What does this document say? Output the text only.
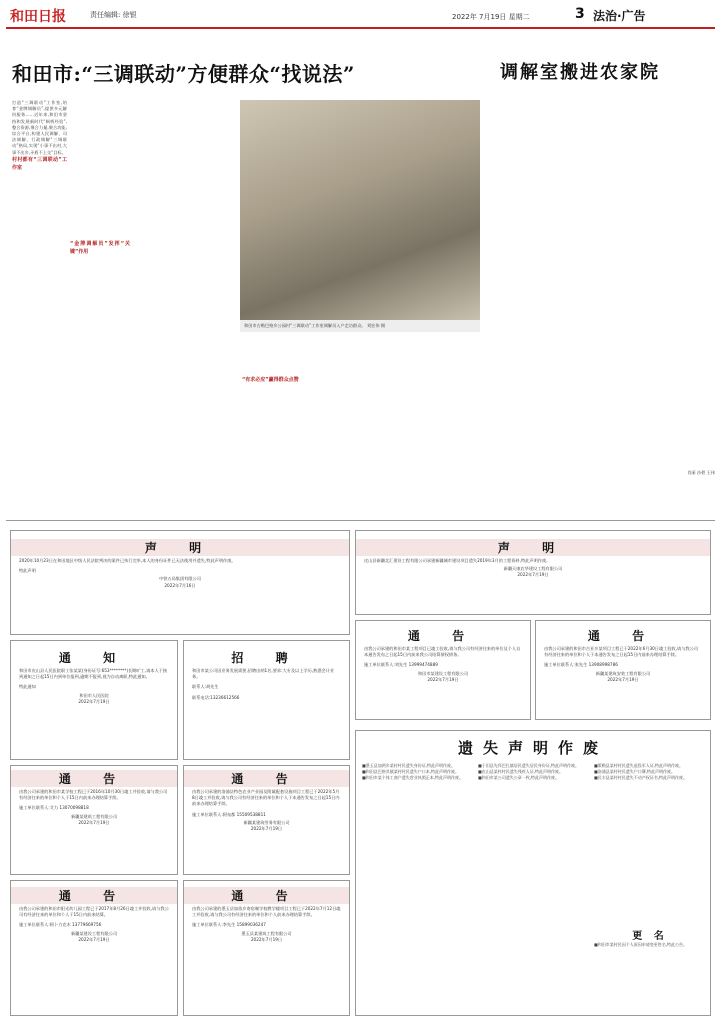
和田日报	责任编辑: 徐银	2022年 7月19日 星期二	3 法治·广告
和田市:“三调联动”方便群众“找说法”	调解室搬进农家院
打造“三调联动”工作室,培育“金牌调解员”,提供多元解纷服务……近年来,和田市坚持和发展新时代“枫桥经验”,整合资源,聚合力量,聚合功能,综合平台,构建人民调解、司法调解、行政调解“三调联动”格局,实现“小事不出村,大事不出乡,矛盾不上交”目标。
村村都有“三调联动”工作室
“金牌调解员”发挥“关键”作用
“有求必应”赢得群众点赞
肖丽 沙碧 王伟
和田市古勒巴格乡公园村“三调联动”工作室调解员入户走访群众。 刘宏伟 摄
声 明
2020年10月23日在和田地区中级人民法院判决的案件已执行完毕,本人的身份证件已无法使用并遗失,特此声明作废。
特此声明
中铁五局集团有限公司
2022年7月16日
声 明
皮山县新疆北汇建设工程有限公司承建新疆城市建设项目遗失2019年3月的工程资料,特此声明作废。
新疆天康农华建设工程有限公司
2022年7月19日
通 知
和田市皮山县人民医院职工张某某(身份证号:653********)长期旷工,请本人于接到通知之日起15日内到单位报到,逾期不报到,视为自动离职,特此通知。
特此通知
和田市人民医院
2022年7月19日
招 聘
和田市某公司因业务发展需要,招聘出纳1名,要求:大专及以上学历,熟悉会计业务。
联系人:胡先生
联系电话:13236612566
通 告
由我公司承建的和田市某工程项目已竣工验收,请与我公司有经济往来的单位及个人自本通告发布之日起15日内前来我公司结算债权债务。
施工单位联系人:刘先生 13999474889
和田市某建设工程有限公司
2022年7月19日
通 告
由我公司承建的和田市吉亚乡某项目工程已于2022年6月30日竣工验收,请与我公司有经济往来的单位和个人于本通告发布之日起15日内前来办理结算手续。
施工单位联系人:张先生 13908998786
新疆某建筑安装工程有限公司
2022年7月19日
通 告
由我公司承建的和田市某学校工程已于2016年10月30日竣工并验收,请与我公司有经济往来的单位和个人于15日内前来办理结算手续。
施工单位联系人:艾力 13070098818
新疆某建筑工程有限公司
2022年7月19日
通 告
由我公司承建的洛浦县特色农业产业园及附属配套设施项目工程已于2022年5月8日竣工并验收,请与我公司有经济往来的单位和个人于本通告发布之日起15日内前来办理结算手续。
施工单位联系人:阿布都 15509538811
新疆某建筑劳务有限公司
2022年7月19日
通 告
由我公司承建的和田市阳光幼儿园工程已于2017年8月26日竣工并验收,请与我公司有经济往来的单位和个人于15日内前来结算。
施工单位联系人:阿卜力克木 13779669756
新疆某建设工程有限公司
2022年7月19日
通 告
由我公司承建的墨玉县加依乡寄宿制学校教学楼项目工程已于2022年7月12日竣工并验收,请与我公司有经济往来的单位和个人前来办理结算手续。
施工单位联系人:李先生 15899036247
墨玉县某建筑工程有限公司
2022年7月19日
遗失声明作废
■墨玉县加两乡某村村民遗失身份证,特此声明作废。
■和田县巴格其镇某村村民遗失户口本,特此声明作废。
■和田市某个体工商户遗失营业执照正本,特此声明作废。
■于田县先拜巴扎镇居民遗失居民身份证,特此声明作废。
■皮山县某村村民遗失残疾人证,特此声明作废。
■和田市某公司遗失公章一枚,特此声明作废。
■策勒县某村村民遗失退役军人证,特此声明作废。
■洛浦县某村村民遗失户口簿,特此声明作废。
■民丰县某村村民遗失不动产权证书,特此声明作废。
更 名
■和田市某村民因个人原因申请变更姓名,特此公告。
